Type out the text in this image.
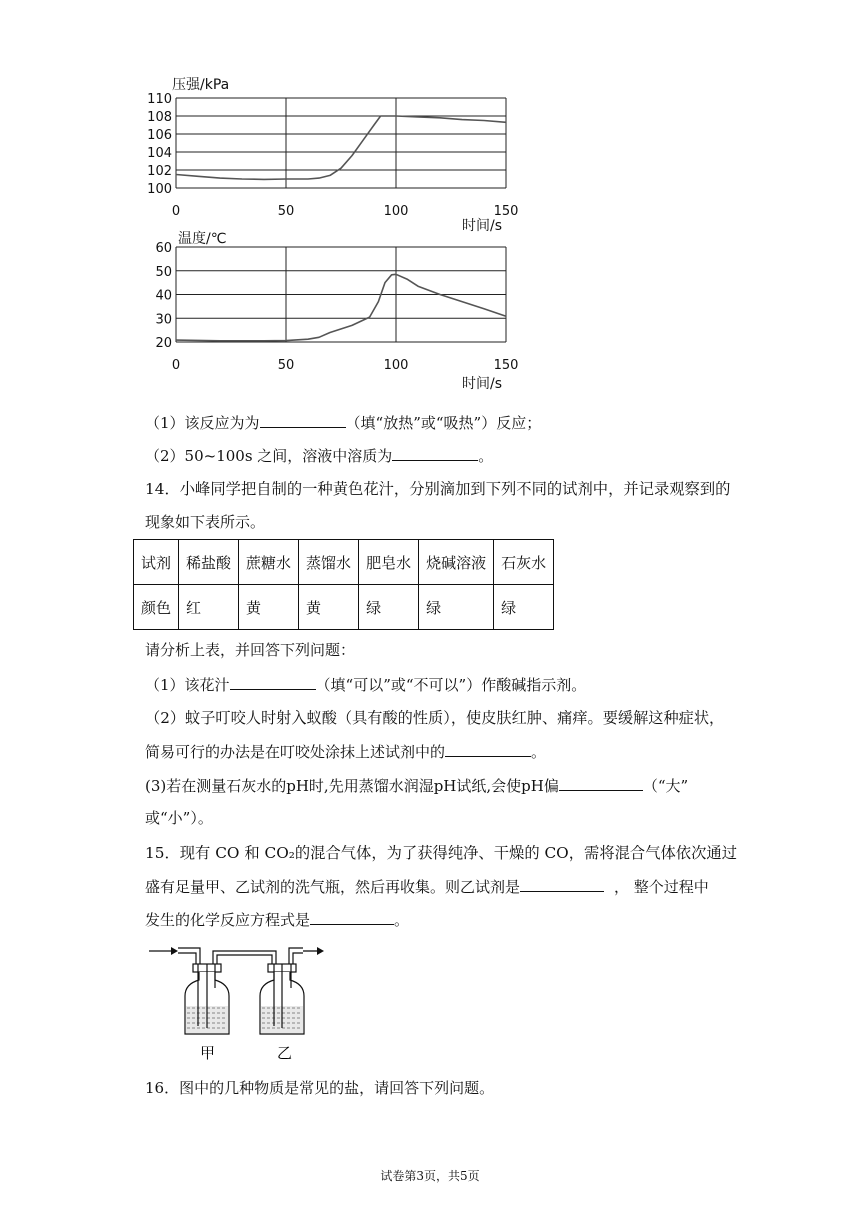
100
102
104
106
108
110
0	50	100	150
压强/kPa
时间/s
20
30
40
50
60
0	50	100	150
温度/℃
时间/s
（1）该反应为为	（填“放热”或“吸热”）反应；
（2）50~100s 之间，溶液中溶质为	。
14．小峰同学把自制的一种黄色花汁，分别滴加到下列不同的试剂中，并记录观察到的
现象如下表所示。
试剂	稀盐酸	蔗糖水	蒸馏水	肥皂水	烧碱溶液	石灰水
颜色	红	黄	黄	绿	绿	绿
请分析上表，并回答下列问题：
（1）该花汁	（填“可以”或“不可以”）作酸碱指示剂。
（2）蚊子叮咬人时射入蚁酸（具有酸的性质），使皮肤红肿、痛痒。要缓解这种症状，
简易可行的办法是在叮咬处涂抹上述试剂中的	。
(3)若在测量石灰水的pH时,先用蒸馏水润湿pH试纸,会使pH偏	（“大”
或“小”）。
15．现有 CO 和 CO₂的混合气体，为了获得纯净、干燥的 CO，需将混合气体依次通过
盛有足量甲、乙试剂的洗气瓶，然后再收集。则乙试剂是	， 整个过程中
发生的化学反应方程式是	。
甲	乙
16．图中的几种物质是常见的盐，请回答下列问题。
试卷第3页，共5页
